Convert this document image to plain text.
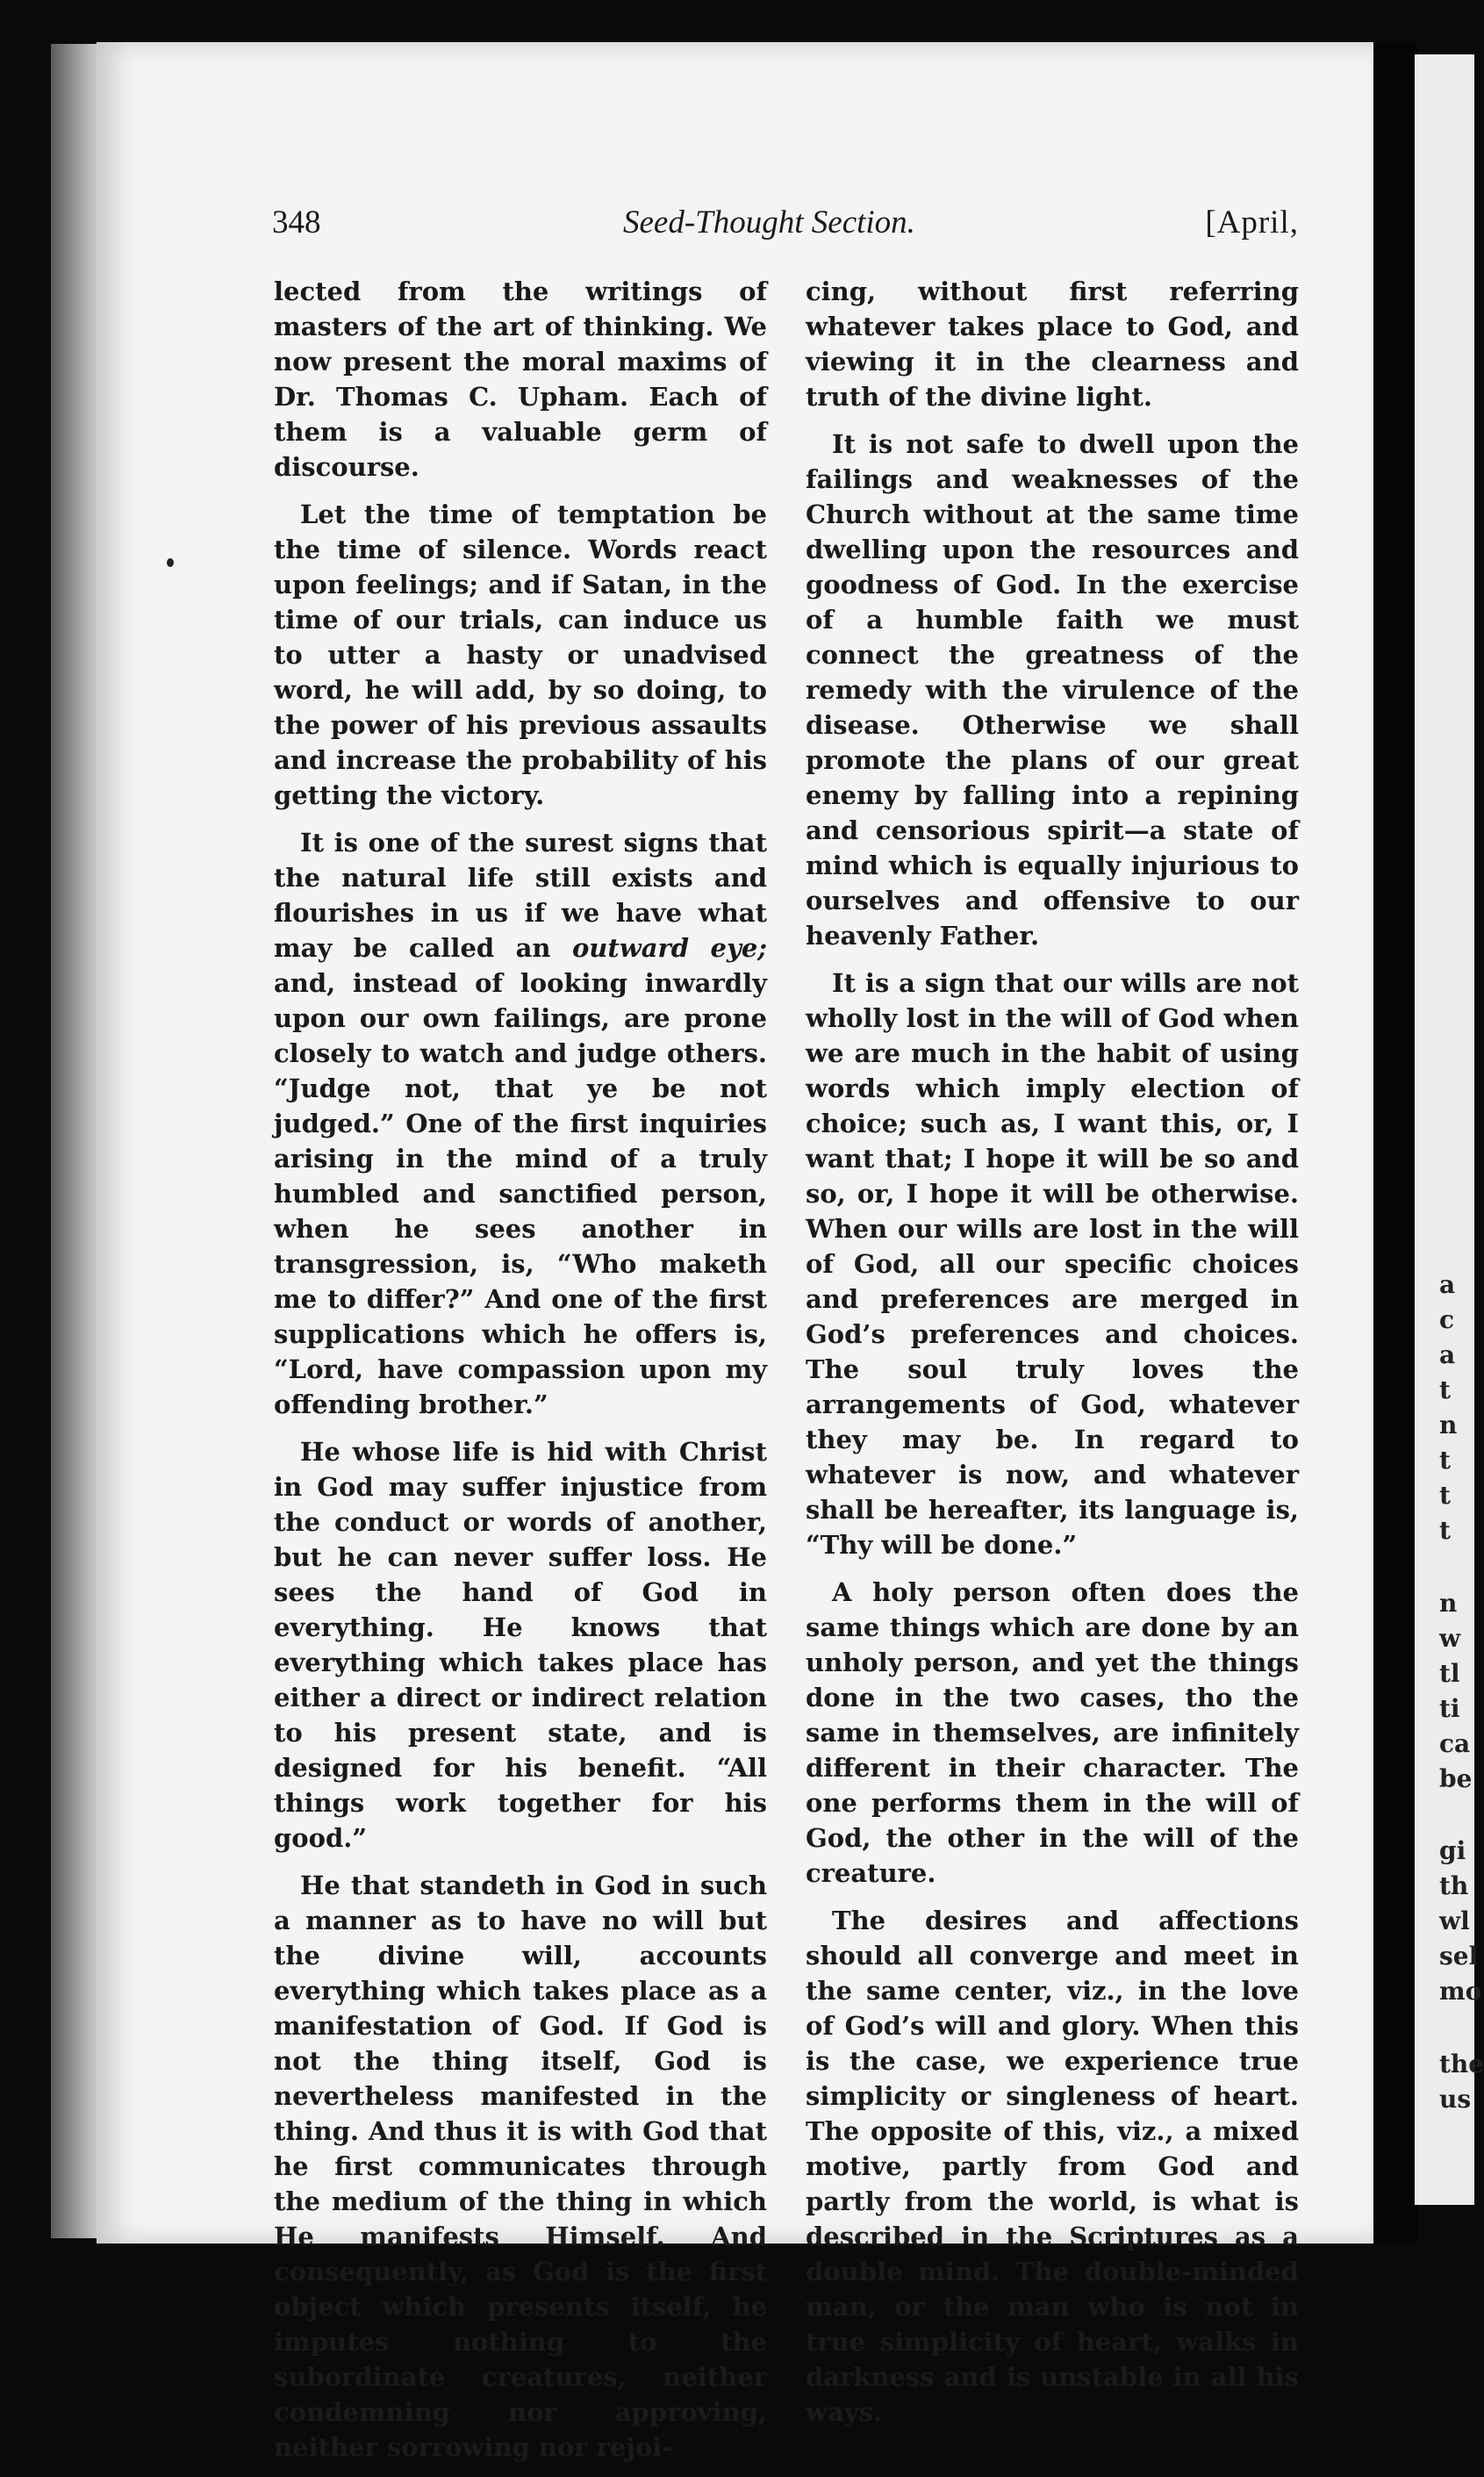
348	Seed-Thought Section.	[April,

lected from the writings of masters of the art of thinking. We now present the moral maxims of Dr. Thomas C. Upham. Each of them is a valuable germ of discourse.

Let the time of temptation be the time of silence. Words react upon feelings; and if Satan, in the time of our trials, can induce us to utter a hasty or unadvised word, he will add, by so doing, to the power of his previous assaults and increase the probability of his getting the victory.

It is one of the surest signs that the natural life still exists and flourishes in us if we have what may be called an outward eye; and, instead of looking inwardly upon our own failings, are prone closely to watch and judge others. “Judge not, that ye be not judged.” One of the first inquiries arising in the mind of a truly humbled and sanctified person, when he sees another in transgression, is, “Who maketh me to differ?” And one of the first supplications which he offers is, “Lord, have compassion upon my offending brother.”

He whose life is hid with Christ in God may suffer injustice from the conduct or words of another, but he can never suffer loss. He sees the hand of God in everything. He knows that everything which takes place has either a direct or indirect relation to his present state, and is designed for his benefit. “All things work together for his good.”

He that standeth in God in such a manner as to have no will but the divine will, accounts everything which takes place as a manifestation of God. If God is not the thing itself, God is nevertheless manifested in the thing. And thus it is with God that he first communicates through the medium of the thing in which He manifests Himself. And consequently, as God is the first object which presents itself, he imputes nothing to the subordinate creatures, neither condemning nor approving, neither sorrowing nor rejoi-

cing, without first referring whatever takes place to God, and viewing it in the clearness and truth of the divine light.

It is not safe to dwell upon the failings and weaknesses of the Church without at the same time dwelling upon the resources and goodness of God. In the exercise of a humble faith we must connect the greatness of the remedy with the virulence of the disease. Otherwise we shall promote the plans of our great enemy by falling into a repining and censorious spirit—a state of mind which is equally injurious to ourselves and offensive to our heavenly Father.

It is a sign that our wills are not wholly lost in the will of God when we are much in the habit of using words which imply election of choice; such as, I want this, or, I want that; I hope it will be so and so, or, I hope it will be otherwise. When our wills are lost in the will of God, all our specific choices and preferences are merged in God’s preferences and choices. The soul truly loves the arrangements of God, whatever they may be. In regard to whatever is now, and whatever shall be hereafter, its language is, “Thy will be done.”

A holy person often does the same things which are done by an unholy person, and yet the things done in the two cases, tho the same in themselves, are infinitely different in their character. The one performs them in the will of God, the other in the will of the creature.

The desires and affections should all converge and meet in the same center, viz., in the love of God’s will and glory. When this is the case, we experience true simplicity or singleness of heart. The opposite of this, viz., a mixed motive, partly from God and partly from the world, is what is described in the Scriptures as a double mind. The double-minded man, or the man who is not in true simplicity of heart, walks in darkness and is unstable in all his ways.

a
c
a
t
n
t
t
t
n
w
tl
ti
ca
be
gi
th
wl
sel
mo
the
us
